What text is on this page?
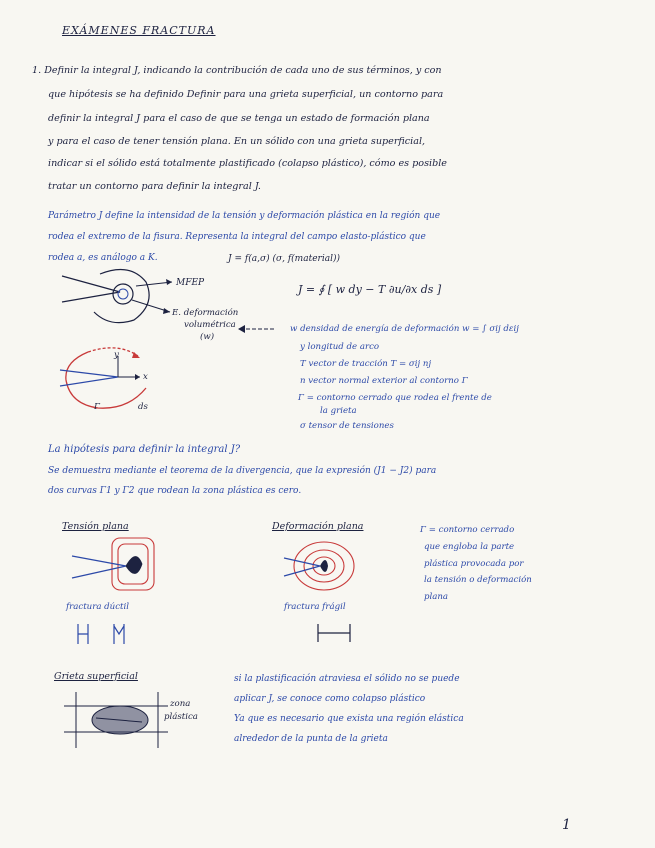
EXÁMENES FRACTURA
1. Definir la integral J, indicando la contribución de cada uno de sus términos, y con
que hipótesis se ha definido Definir para una grieta superficial, un contorno para
definir la integral J para el caso de que se tenga un estado de formación plana
y para el caso de tener tensión plana. En un sólido con una grieta superficial,
indicar si el sólido está totalmente plastificado (colapso plástico), cómo es posible
tratar un contorno para definir la integral J.
Parámetro J define la intensidad de la tensión y deformación plástica en la región que
rodea el extremo de la fisura. Representa la integral del campo elasto-plástico que
rodea a, es análogo a K.	J = f(a,σ) (σ, f(material))
MFEP
E. deformación
volumétrica
(w)
J = ∮ [ w dy − T ∂u/∂x ds ]
w densidad de energía de deformación w = ∫ σij dεij
y longitud de arco
T vector de tracción T = σij nj
n vector normal exterior al contorno Γ
Γ = contorno cerrado que rodea el frente de
la grieta
σ tensor de tensiones
y
x
ds
Γ
La hipótesis para definir la integral J?
Se demuestra mediante el teorema de la divergencia, que la expresión (J1 − J2) para
dos curvas Γ1 y Γ2 que rodean la zona plástica es cero.
Tensión plana	Deformación plana
fractura dúctil	fractura frágil
Γ = contorno cerrado
que engloba la parte
plástica provocada por
la tensión o deformación
plana
Grieta superficial
zona
plástica
si la plastificación atraviesa el sólido no se puede
aplicar J, se conoce como colapso plástico
Ya que es necesario que exista una región elástica
alrededor de la punta de la grieta
1
